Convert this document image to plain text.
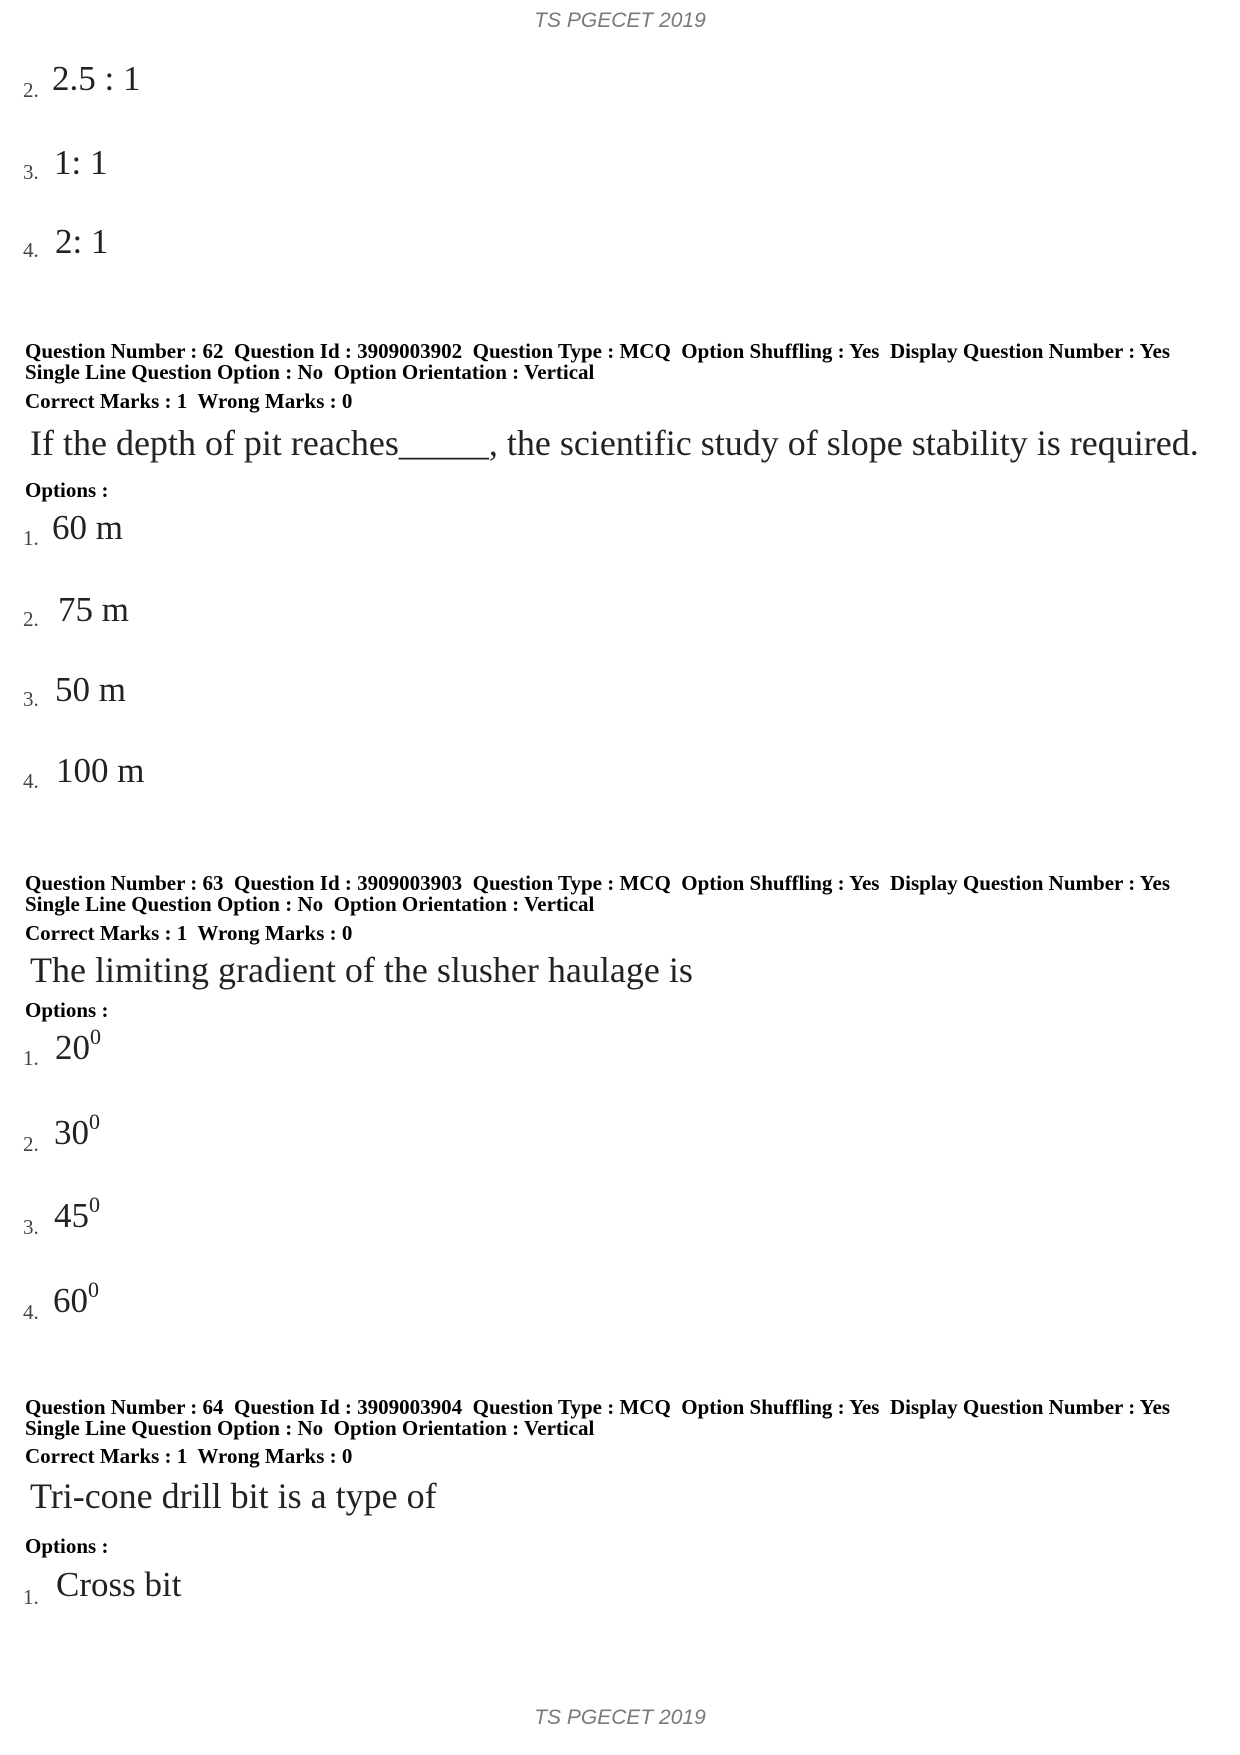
TS PGECET 2019
2. 2.5 : 1
3. 1: 1
4. 2: 1
Question Number : 62  Question Id : 3909003902  Question Type : MCQ  Option Shuffling : Yes  Display Question Number : Yes
Single Line Question Option : No  Option Orientation : Vertical
Correct Marks : 1  Wrong Marks : 0
If the depth of pit reaches_____, the scientific study of slope stability is required.
Options :
1. 60 m
2. 75 m
3. 50 m
4. 100 m
Question Number : 63  Question Id : 3909003903  Question Type : MCQ  Option Shuffling : Yes  Display Question Number : Yes
Single Line Question Option : No  Option Orientation : Vertical
Correct Marks : 1  Wrong Marks : 0
The limiting gradient of the slusher haulage is
Options :
1. $20^0$
2. $30^0$
3. $45^0$
4. $60^0$
Question Number : 64  Question Id : 3909003904  Question Type : MCQ  Option Shuffling : Yes  Display Question Number : Yes
Single Line Question Option : No  Option Orientation : Vertical
Correct Marks : 1  Wrong Marks : 0
Tri-cone drill bit is a type of
Options :
1. Cross bit
TS PGECET 2019
